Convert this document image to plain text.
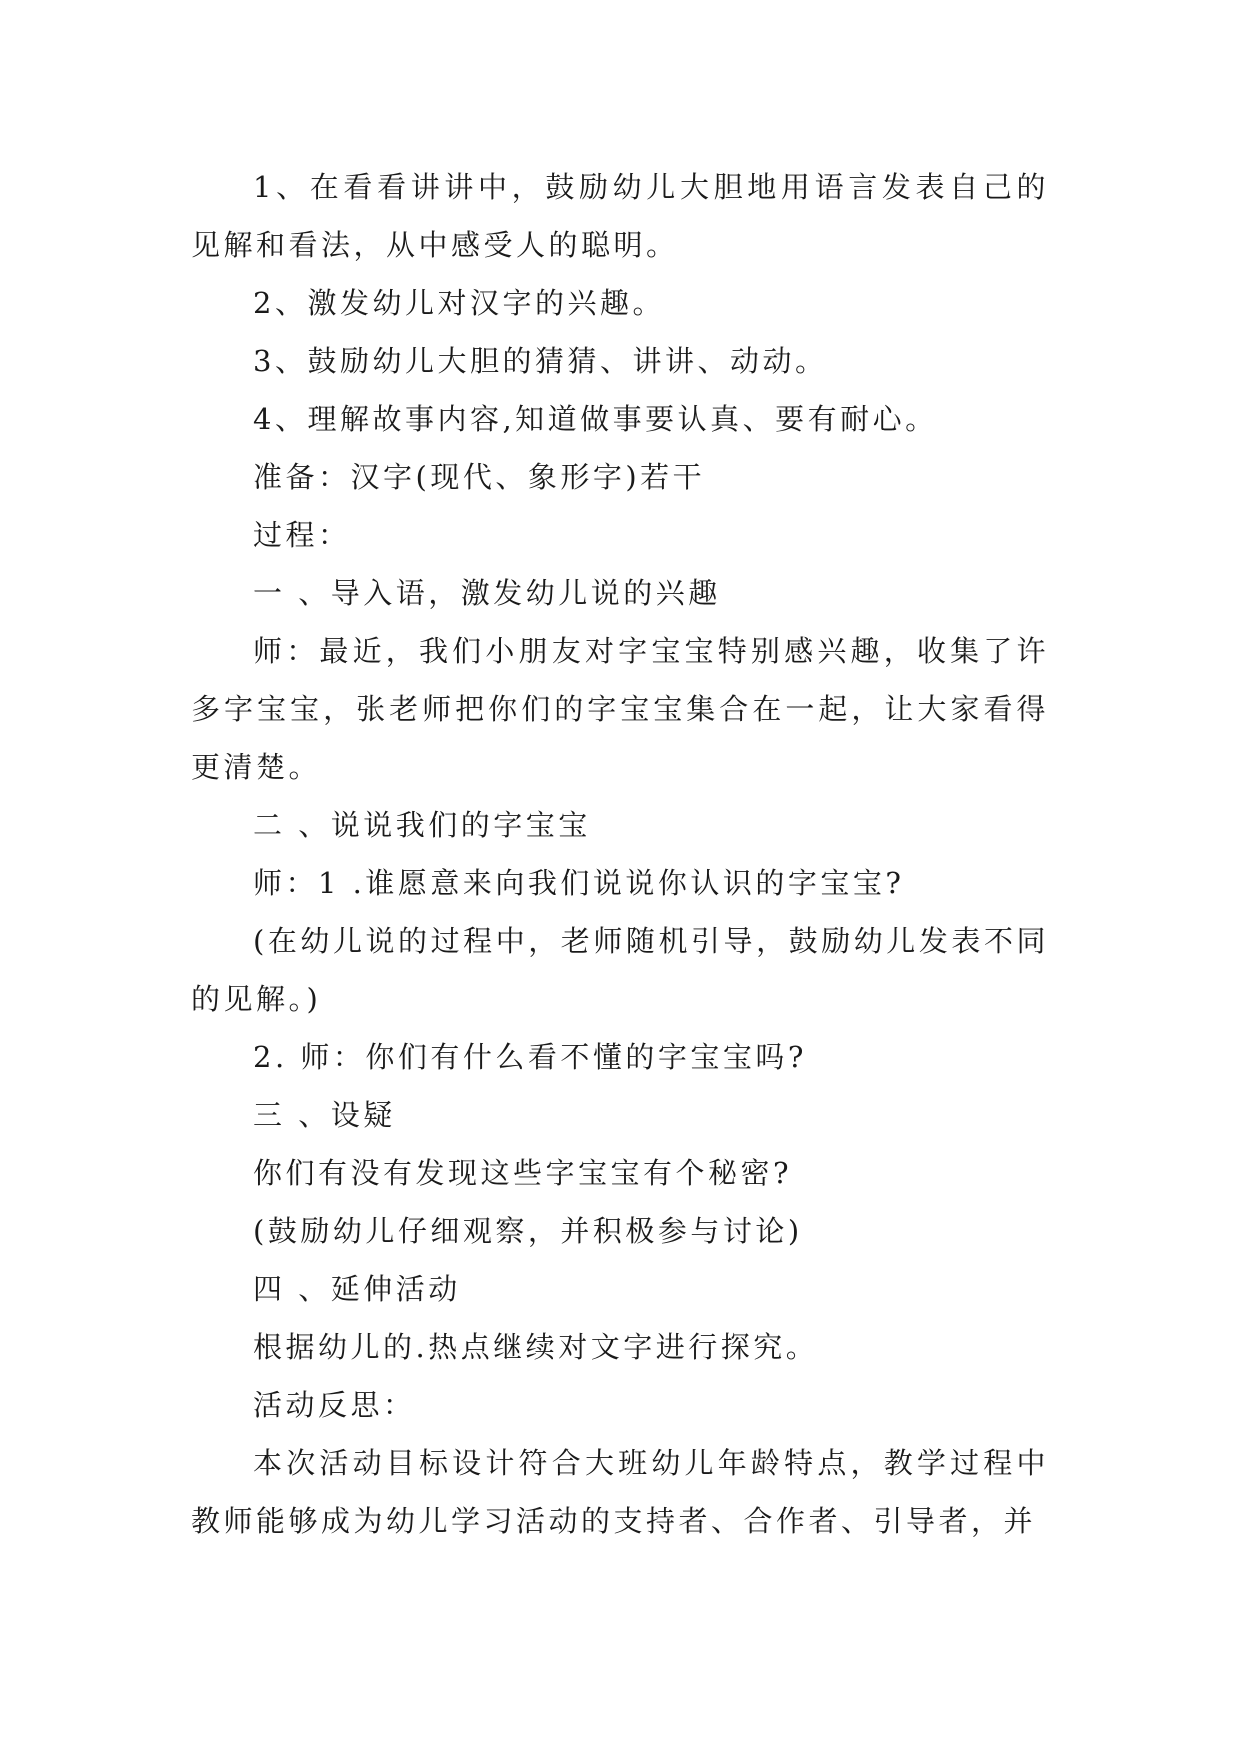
1、在看看讲讲中，鼓励幼儿大胆地用语言发表自己的见解和看法，从中感受人的聪明。

2、激发幼儿对汉字的兴趣。

3、鼓励幼儿大胆的猜猜、讲讲、动动。

4、理解故事内容,知道做事要认真、要有耐心。

准备：汉字(现代、象形字)若干

过程：

一 、导入语，激发幼儿说的兴趣

师：最近，我们小朋友对字宝宝特别感兴趣，收集了许多字宝宝，张老师把你们的字宝宝集合在一起，让大家看得更清楚。

二 、说说我们的字宝宝

师：1 .谁愿意来向我们说说你认识的字宝宝?

(在幼儿说的过程中，老师随机引导，鼓励幼儿发表不同的见解。)

2. 师：你们有什么看不懂的字宝宝吗?

三 、设疑

你们有没有发现这些字宝宝有个秘密?

(鼓励幼儿仔细观察，并积极参与讨论)

四 、延伸活动

根据幼儿的.热点继续对文字进行探究。

活动反思：

本次活动目标设计符合大班幼儿年龄特点，教学过程中教师能够成为幼儿学习活动的支持者、合作者、引导者，并
